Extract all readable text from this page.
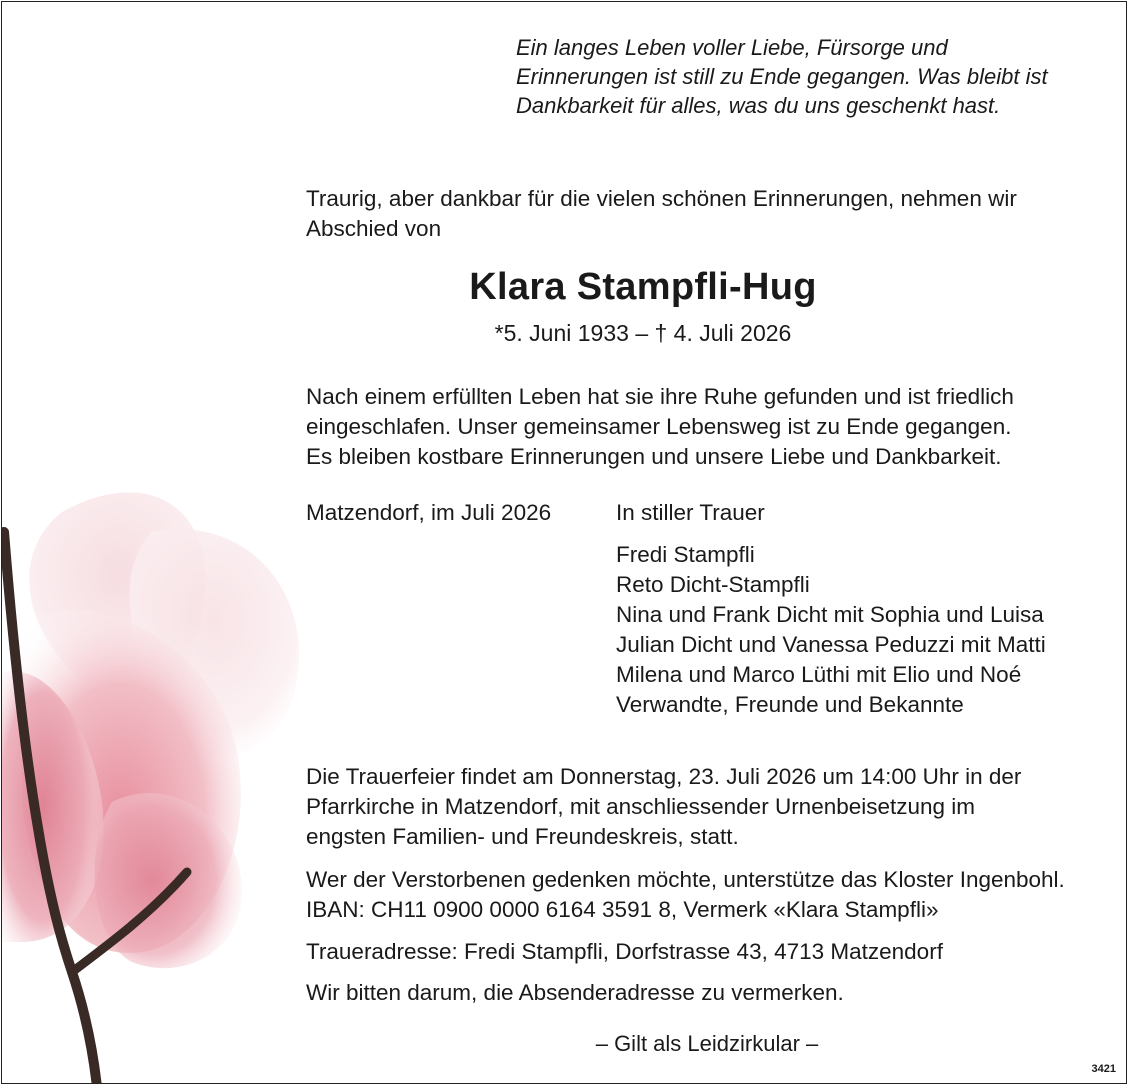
Ein langes Leben voller Liebe, Fürsorge und
Erinnerungen ist still zu Ende gegangen. Was bleibt ist
Dankbarkeit für alles, was du uns geschenkt hast.
Traurig, aber dankbar für die vielen schönen Erinnerungen, nehmen wir
Abschied von
Klara Stampfli-Hug
*5. Juni 1933 – † 4. Juli 2026
Nach einem erfüllten Leben hat sie ihre Ruhe gefunden und ist friedlich
eingeschlafen. Unser gemeinsamer Lebensweg ist zu Ende gegangen.
Es bleiben kostbare Erinnerungen und unsere Liebe und Dankbarkeit.
Matzendorf, im Juli 2026	In stiller Trauer
Fredi Stampfli
Reto Dicht-Stampfli
Nina und Frank Dicht mit Sophia und Luisa
Julian Dicht und Vanessa Peduzzi mit Matti
Milena und Marco Lüthi mit Elio und Noé
Verwandte, Freunde und Bekannte
Die Trauerfeier findet am Donnerstag, 23. Juli 2026 um 14:00 Uhr in der
Pfarrkirche in Matzendorf, mit anschliessender Urnenbeisetzung im
engsten Familien- und Freundeskreis, statt.
Wer der Verstorbenen gedenken möchte, unterstütze das Kloster Ingenbohl.
IBAN: CH11 0900 0000 6164 3591 8, Vermerk «Klara Stampfli»
Traueradresse: Fredi Stampfli, Dorfstrasse 43, 4713 Matzendorf
Wir bitten darum, die Absenderadresse zu vermerken.
– Gilt als Leidzirkular –
3421
